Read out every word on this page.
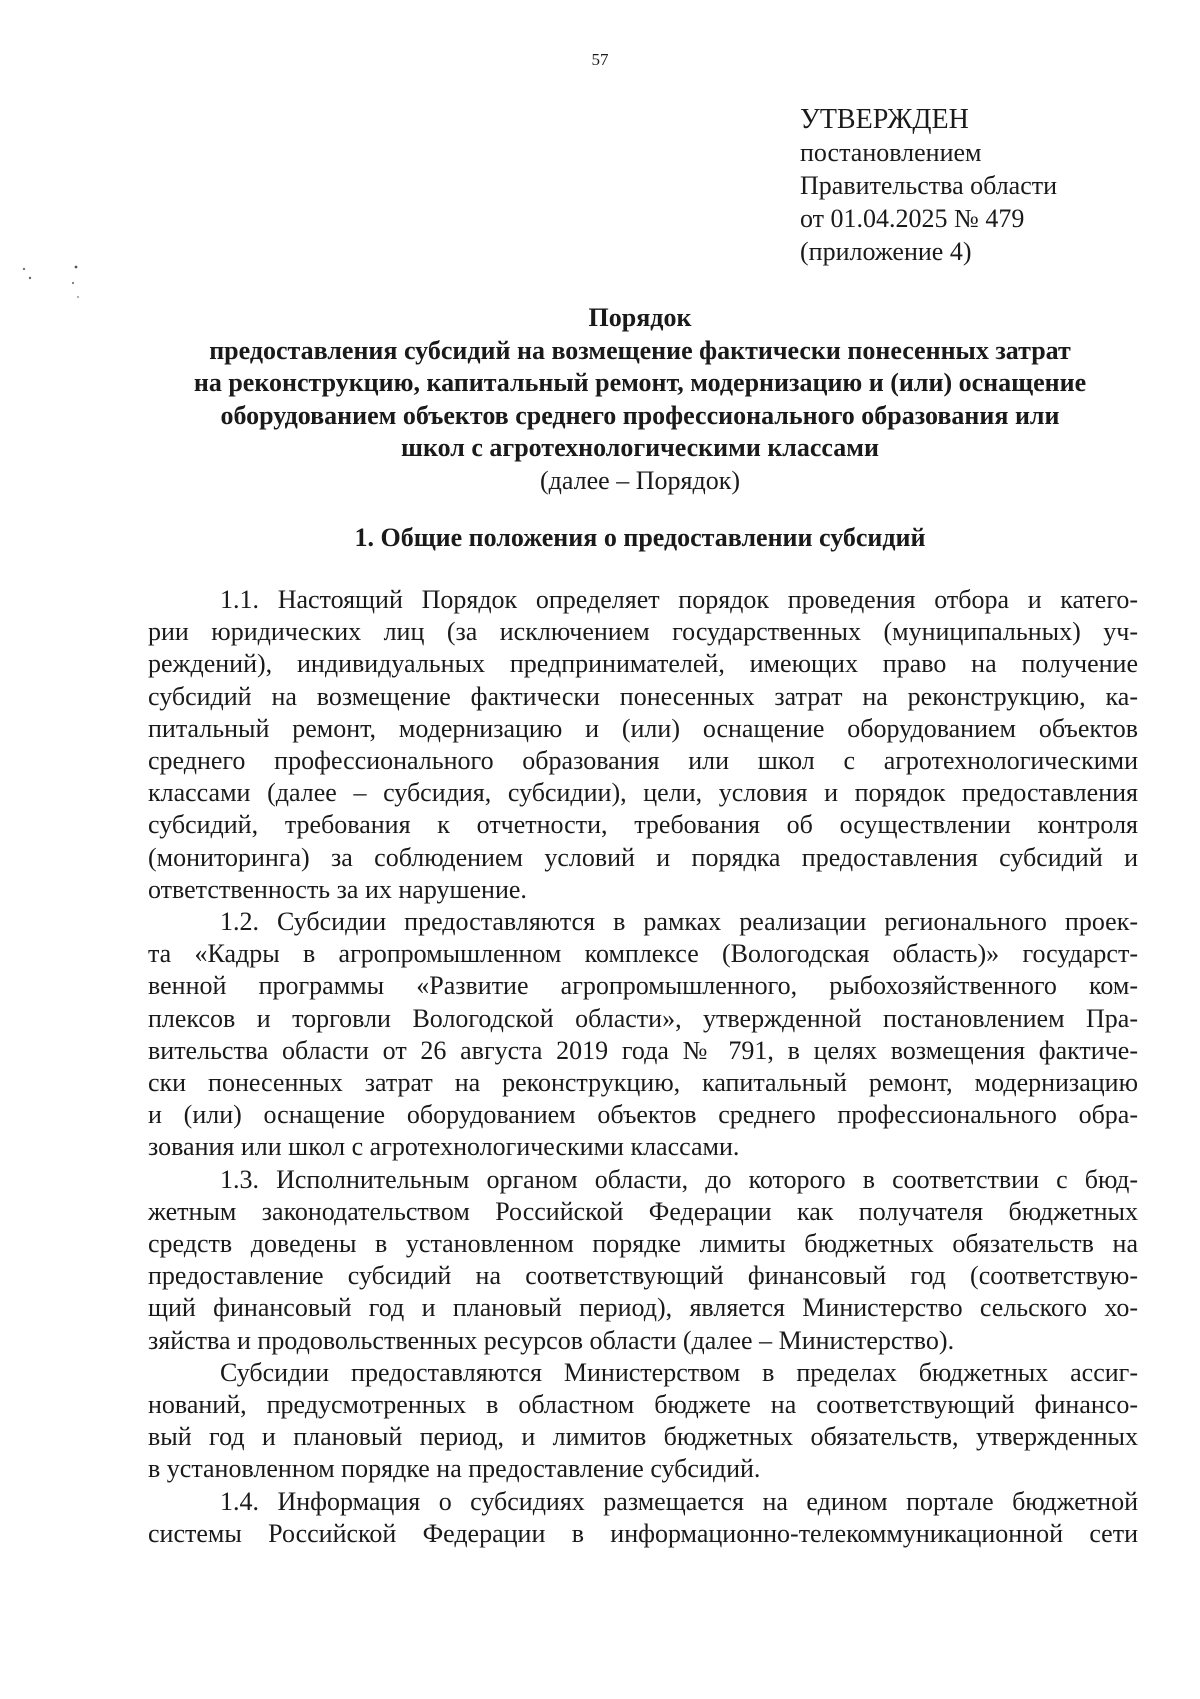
57
УТВЕРЖДЕН
постановлением
Правительства области
от 01.04.2025 № 479
(приложение 4)
Порядок
предоставления субсидий на возмещение фактически понесенных затрат
на реконструкцию, капитальный ремонт, модернизацию и (или) оснащение
оборудованием объектов среднего профессионального образования или
школ с агротехнологическими классами
(далее – Порядок)
1. Общие положения о предоставлении субсидий
1.1. Настоящий Порядок определяет порядок проведения отбора и катего-
рии юридических лиц (за исключением государственных (муниципальных) уч-
реждений), индивидуальных предпринимателей, имеющих право на получение
субсидий на возмещение фактически понесенных затрат на реконструкцию, ка-
питальный ремонт, модернизацию и (или) оснащение оборудованием объектов
среднего профессионального образования или школ с агротехнологическими
классами (далее – субсидия, субсидии), цели, условия и порядок предоставления
субсидий, требования к отчетности, требования об осуществлении контроля
(мониторинга) за соблюдением условий и порядка предоставления субсидий и
ответственность за их нарушение.
1.2. Субсидии предоставляются в рамках реализации регионального проек-
та «Кадры в агропромышленном комплексе (Вологодская область)» государст-
венной программы «Развитие агропромышленного, рыбохозяйственного ком-
плексов и торговли Вологодской области», утвержденной постановлением Пра-
вительства области от 26 августа 2019 года № 791, в целях возмещения фактиче-
ски понесенных затрат на реконструкцию, капитальный ремонт, модернизацию
и (или) оснащение оборудованием объектов среднего профессионального обра-
зования или школ с агротехнологическими классами.
1.3. Исполнительным органом области, до которого в соответствии с бюд-
жетным законодательством Российской Федерации как получателя бюджетных
средств доведены в установленном порядке лимиты бюджетных обязательств на
предоставление субсидий на соответствующий финансовый год (соответствую-
щий финансовый год и плановый период), является Министерство сельского хо-
зяйства и продовольственных ресурсов области (далее – Министерство).
Субсидии предоставляются Министерством в пределах бюджетных ассиг-
нований, предусмотренных в областном бюджете на соответствующий финансо-
вый год и плановый период, и лимитов бюджетных обязательств, утвержденных
в установленном порядке на предоставление субсидий.
1.4. Информация о субсидиях размещается на едином портале бюджетной
системы Российской Федерации в информационно-телекоммуникационной сети
